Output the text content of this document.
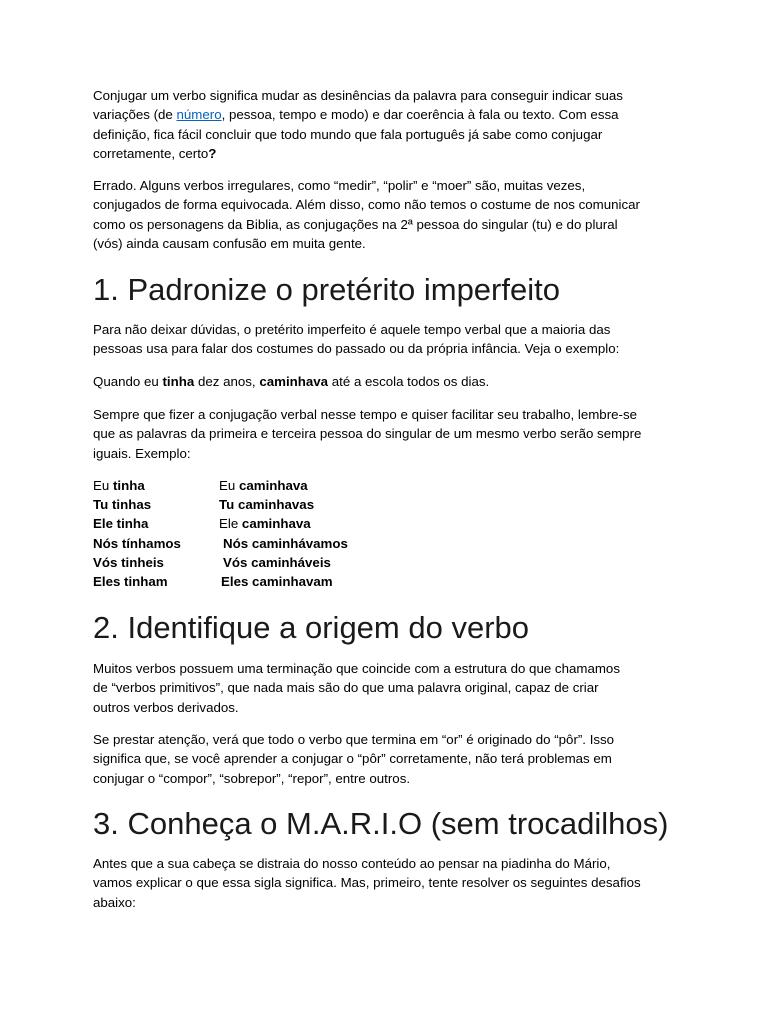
Conjugar um verbo significa mudar as desinências da palavra para conseguir indicar suas
variações (de número, pessoa, tempo e modo) e dar coerência à fala ou texto. Com essa
definição, fica fácil concluir que todo mundo que fala português já sabe como conjugar
corretamente, certo?
Errado. Alguns verbos irregulares, como “medir”, “polir” e “moer” são, muitas vezes,
conjugados de forma equivocada. Além disso, como não temos o costume de nos comunicar
como os personagens da Biblia, as conjugações na 2ª pessoa do singular (tu) e do plural
(vós) ainda causam confusão em muita gente.
1. Padronize o pretérito imperfeito
Para não deixar dúvidas, o pretérito imperfeito é aquele tempo verbal que a maioria das
pessoas usa para falar dos costumes do passado ou da própria infância. Veja o exemplo:
Quando eu tinha dez anos, caminhava até a escola todos os dias.
Sempre que fizer a conjugação verbal nesse tempo e quiser facilitar seu trabalho, lembre-se
que as palavras da primeira e terceira pessoa do singular de um mesmo verbo serão sempre
iguais. Exemplo:
Eu tinha	Eu caminhava
Tu tinhas	Tu caminhavas
Ele tinha	Ele caminhava
Nós tínhamos	Nós caminhávamos
Vós tinheis	Vós caminháveis
Eles tinham	Eles caminhavam
2. Identifique a origem do verbo
Muitos verbos possuem uma terminação que coincide com a estrutura do que chamamos
de “verbos primitivos”, que nada mais são do que uma palavra original, capaz de criar
outros verbos derivados.
Se prestar atenção, verá que todo o verbo que termina em “or” é originado do “pôr”. Isso
significa que, se você aprender a conjugar o “pôr” corretamente, não terá problemas em
conjugar o “compor”, “sobrepor”, “repor”, entre outros.
3. Conheça o M.A.R.I.O (sem trocadilhos)
Antes que a sua cabeça se distraia do nosso conteúdo ao pensar na piadinha do Mário,
vamos explicar o que essa sigla significa. Mas, primeiro, tente resolver os seguintes desafios
abaixo:
